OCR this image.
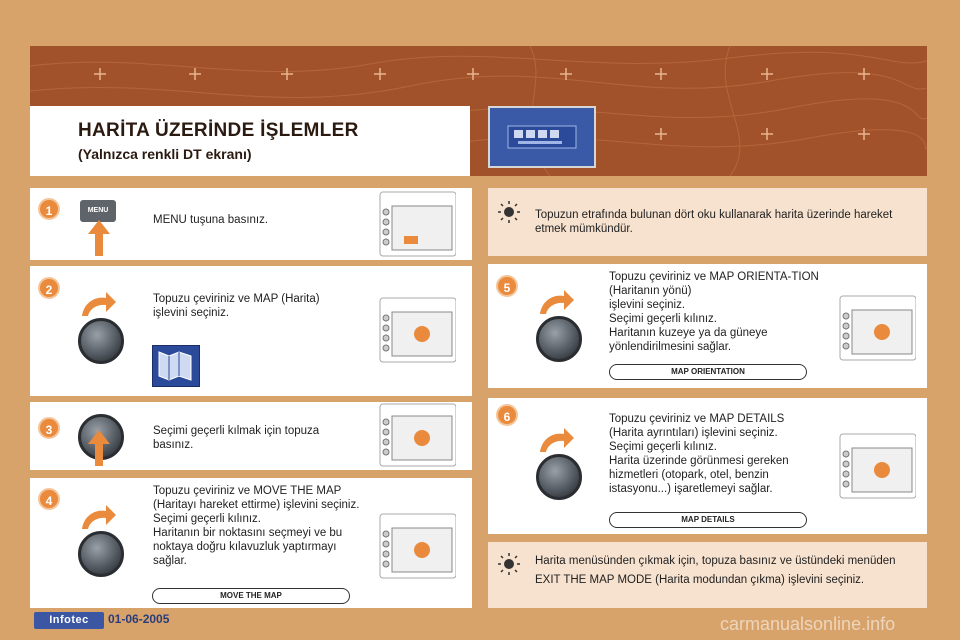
HARİTA ÜZERİNDE İŞLEMLER
(Yalnızca renkli DT ekranı)
1	MENU
MENU tuşuna basınız.
2
Topuzu çeviriniz ve MAP (Harita) işlevini seçiniz.
3	Seçimi geçerli kılmak için topuza basınız.
4
Topuzu çeviriniz ve MOVE THE MAP (Haritayı hareket ettirme) işlevini seçiniz.
Seçimi geçerli kılınız.
Haritanın bir noktasını seçmeyi ve bu noktaya doğru kılavuzluk yaptırmayı sağlar.
MOVE THE MAP
Topuzun etrafında bulunan dört oku kullanarak harita üzerinde hareket etmek mümkündür.
5
Topuzu çeviriniz ve MAP ORIENTA-TION (Haritanın yönü)
işlevini seçiniz.
Seçimi geçerli kılınız.
Haritanın kuzeye ya da güneye yönlendirilmesini sağlar.
MAP ORIENTATION
6	Topuzu çeviriniz ve MAP DETAILS (Harita ayrıntıları) işlevini seçiniz.
Seçimi geçerli kılınız.
Harita üzerinde görünmesi gereken hizmetleri (otopark, otel, benzin istasyonu...) işaretlemeyi sağlar.
MAP DETAILS
Harita menüsünden çıkmak için, topuza basınız ve üstündeki menüden EXIT THE MAP MODE (Harita modundan çıkma) işlevini seçiniz.
Infotec	01-06-2005	carmanualsonline.info
